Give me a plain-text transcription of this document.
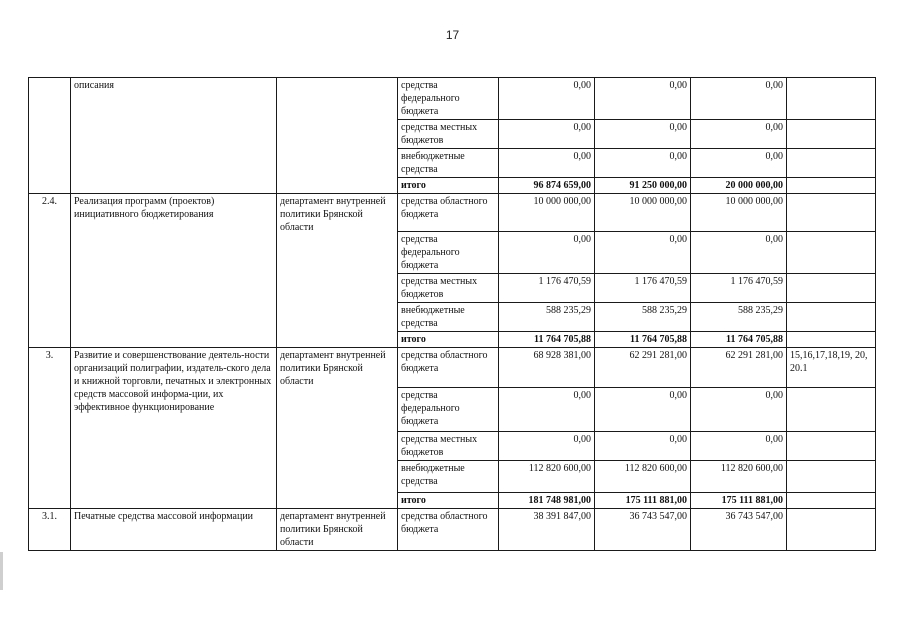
17
	описания		средства федерального бюджета	0,00	0,00	0,00	
			средства местных бюджетов	0,00	0,00	0,00	
			внебюджетные средства	0,00	0,00	0,00	
			итого	96 874 659,00	91 250 000,00	20 000 000,00	
2.4.	Реализация программ (проектов) инициативного бюджетирования	департамент внутренней политики Брянской области	средства областного бюджета	10 000 000,00	10 000 000,00	10 000 000,00	
			средства федерального бюджета	0,00	0,00	0,00	
			средства местных бюджетов	1 176 470,59	1 176 470,59	1 176 470,59	
			внебюджетные средства	588 235,29	588 235,29	588 235,29	
			итого	11 764 705,88	11 764 705,88	11 764 705,88	
3.	Развитие и совершенствование деятель-ности организаций полиграфии, издатель-ского дела и книжной торговли, печатных и электронных средств массовой информа-ции, их эффективное функционирование	департамент внутренней политики Брянской области	средства областного бюджета	68 928 381,00	62 291 281,00	62 291 281,00	15,16,17,18,19, 20, 20.1
			средства федерального бюджета	0,00	0,00	0,00	
			средства местных бюджетов	0,00	0,00	0,00	
			внебюджетные средства	112 820 600,00	112 820 600,00	112 820 600,00	
			итого	181 748 981,00	175 111 881,00	175 111 881,00	
3.1.	Печатные средства массовой информации	департамент внутренней политики Брянской области	средства областного бюджета	38 391 847,00	36 743 547,00	36 743 547,00	
